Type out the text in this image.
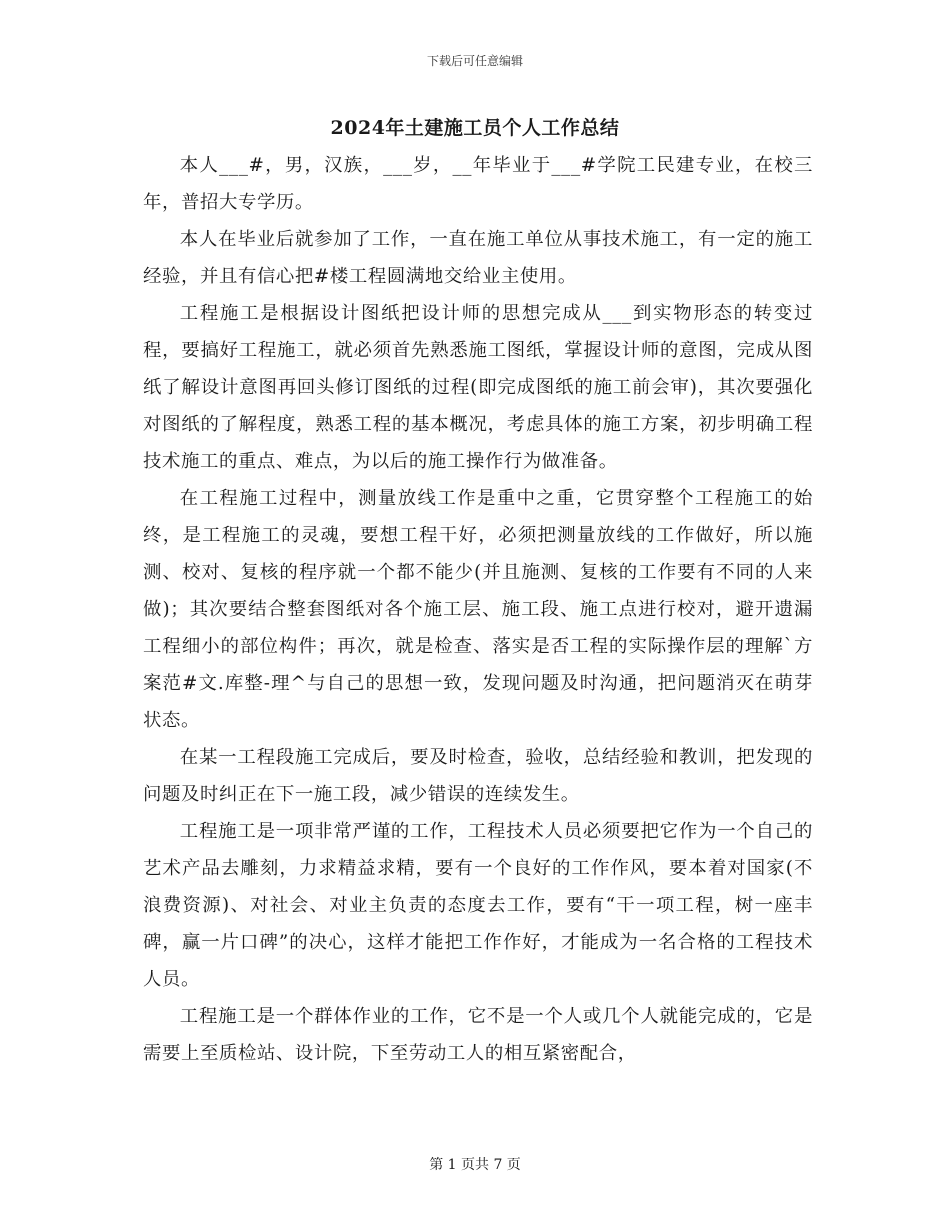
下载后可任意编辑
2024年土建施工员个人工作总结

本人___#，男，汉族，___岁，__年毕业于___#学院工民建专业，在校三年，普招大专学历。

本人在毕业后就参加了工作，一直在施工单位从事技术施工，有一定的施工经验，并且有信心把#楼工程圆满地交给业主使用。

工程施工是根据设计图纸把设计师的思想完成从___到实物形态的转变过程，要搞好工程施工，就必须首先熟悉施工图纸，掌握设计师的意图，完成从图纸了解设计意图再回头修订图纸的过程(即完成图纸的施工前会审)，其次要强化对图纸的了解程度，熟悉工程的基本概况，考虑具体的施工方案，初步明确工程技术施工的重点、难点，为以后的施工操作行为做准备。

在工程施工过程中，测量放线工作是重中之重，它贯穿整个工程施工的始终，是工程施工的灵魂，要想工程干好，必须把测量放线的工作做好，所以施测、校对、复核的程序就一个都不能少(并且施测、复核的工作要有不同的人来做)；其次要结合整套图纸对各个施工层、施工段、施工点进行校对，避开遗漏工程细小的部位构件；再次，就是检查、落实是否工程的实际操作层的理解`方案范#文.库整-理^与自己的思想一致，发现问题及时沟通，把问题消灭在萌芽状态。

在某一工程段施工完成后，要及时检查，验收，总结经验和教训，把发现的问题及时纠正在下一施工段，减少错误的连续发生。

工程施工是一项非常严谨的工作，工程技术人员必须要把它作为一个自己的艺术产品去雕刻，力求精益求精，要有一个良好的工作作风，要本着对国家(不浪费资源)、对社会、对业主负责的态度去工作，要有“干一项工程，树一座丰碑，赢一片口碑”的决心，这样才能把工作作好，才能成为一名合格的工程技术人员。

工程施工是一个群体作业的工作，它不是一个人或几个人就能完成的，它是需要上至质检站、设计院，下至劳动工人的相互紧密配合，

第 1 页共 7 页
